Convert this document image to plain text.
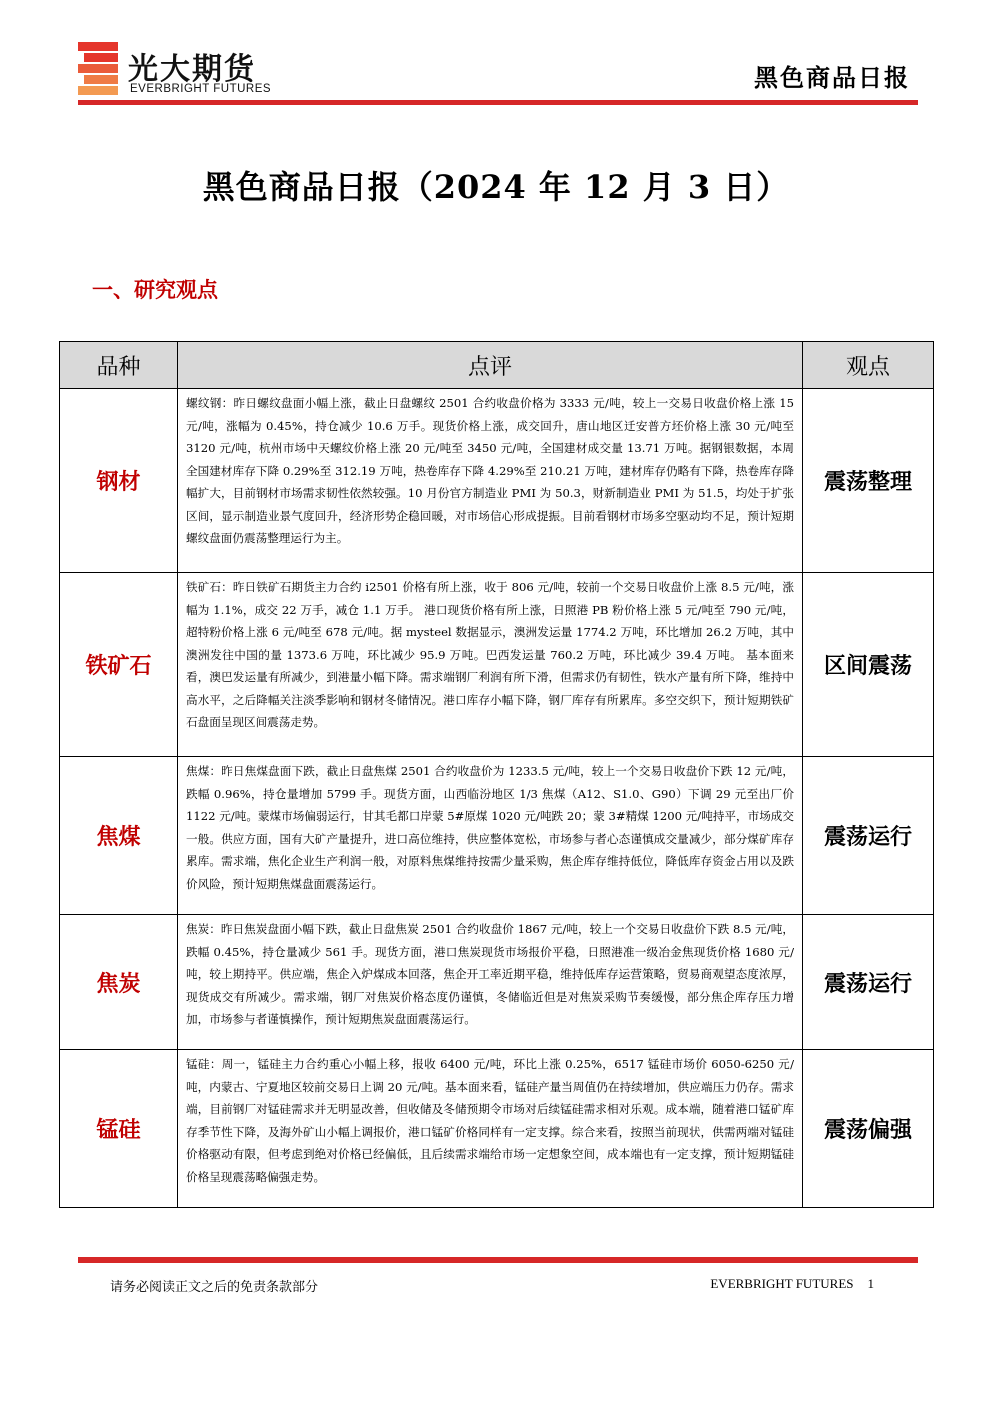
光大期货
EVERBRIGHT FUTURES	黑色商品日报
黑色商品日报（2024 年 12 月 3 日）
一、研究观点
品种	点评	观点
钢材	螺纹钢：昨日螺纹盘面小幅上涨，截止日盘螺纹 2501 合约收盘价格为 3333 元/吨，较上一交易日收盘价格上涨 15 元/吨，涨幅为 0.45%，持仓减少 10.6 万手。现货价格上涨，成交回升，唐山地区迁安普方坯价格上涨 30 元/吨至 3120 元/吨，杭州市场中天螺纹价格上涨 20 元/吨至 3450 元/吨，全国建材成交量 13.71 万吨。据钢银数据，本周全国建材库存下降 0.29%至 312.19 万吨，热卷库存下降 4.29%至 210.21 万吨，建材库存仍略有下降，热卷库存降幅扩大，目前钢材市场需求韧性依然较强。10 月份官方制造业 PMI 为 50.3，财新制造业 PMI 为 51.5，均处于扩张区间，显示制造业景气度回升，经济形势企稳回暖，对市场信心形成提振。目前看钢材市场多空驱动均不足，预计短期螺纹盘面仍震荡整理运行为主。	震荡整理
铁矿石	铁矿石：昨日铁矿石期货主力合约 i2501 价格有所上涨，收于 806 元/吨，较前一个交易日收盘价上涨 8.5 元/吨，涨幅为 1.1%，成交 22 万手，减仓 1.1 万手。 港口现货价格有所上涨，日照港 PB 粉价格上涨 5 元/吨至 790 元/吨，超特粉价格上涨 6 元/吨至 678 元/吨。据 mysteel 数据显示，澳洲发运量 1774.2 万吨，环比增加 26.2 万吨，其中澳洲发往中国的量 1373.6 万吨，环比减少 95.9 万吨。巴西发运量 760.2 万吨，环比减少 39.4 万吨。 基本面来看，澳巴发运量有所减少，到港量小幅下降。需求端钢厂利润有所下滑，但需求仍有韧性，铁水产量有所下降，维持中高水平，之后降幅关注淡季影响和钢材冬储情况。港口库存小幅下降，钢厂库存有所累库。多空交织下，预计短期铁矿石盘面呈现区间震荡走势。	区间震荡
焦煤	焦煤：昨日焦煤盘面下跌，截止日盘焦煤 2501 合约收盘价为 1233.5 元/吨，较上一个交易日收盘价下跌 12 元/吨，跌幅 0.96%，持仓量增加 5799 手。现货方面，山西临汾地区 1/3 焦煤（A12、S1.0、G90）下调 29 元至出厂价 1122 元/吨。蒙煤市场偏弱运行，甘其毛都口岸蒙 5#原煤 1020 元/吨跌 20；蒙 3#精煤 1200 元/吨持平，市场成交一般。供应方面，国有大矿产量提升，进口高位维持，供应整体宽松，市场参与者心态谨慎成交量减少，部分煤矿库存累库。需求端，焦化企业生产利润一般，对原料焦煤维持按需少量采购，焦企库存维持低位，降低库存资金占用以及跌价风险，预计短期焦煤盘面震荡运行。	震荡运行
焦炭	焦炭：昨日焦炭盘面小幅下跌，截止日盘焦炭 2501 合约收盘价 1867 元/吨，较上一个交易日收盘价下跌 8.5 元/吨，跌幅 0.45%，持仓量减少 561 手。现货方面，港口焦炭现货市场报价平稳，日照港准一级冶金焦现货价格 1680 元/吨，较上期持平。供应端，焦企入炉煤成本回落，焦企开工率近期平稳，维持低库存运营策略，贸易商观望态度浓厚，现货成交有所减少。需求端，钢厂对焦炭价格态度仍谨慎，冬储临近但是对焦炭采购节奏缓慢，部分焦企库存压力增加，市场参与者谨慎操作，预计短期焦炭盘面震荡运行。	震荡运行
锰硅	锰硅：周一，锰硅主力合约重心小幅上移，报收 6400 元/吨，环比上涨 0.25%，6517 锰硅市场价 6050-6250 元/吨，内蒙古、宁夏地区较前交易日上调 20 元/吨。基本面来看，锰硅产量当周值仍在持续增加，供应端压力仍存。需求端，目前钢厂对锰硅需求并无明显改善，但收储及冬储预期令市场对后续锰硅需求相对乐观。成本端，随着港口锰矿库存季节性下降，及海外矿山小幅上调报价，港口锰矿价格同样有一定支撑。综合来看，按照当前现状，供需两端对锰硅价格驱动有限，但考虑到绝对价格已经偏低，且后续需求端给市场一定想象空间，成本端也有一定支撑，预计短期锰硅价格呈现震荡略偏强走势。	震荡偏强
请务必阅读正文之后的免责条款部分	EVERBRIGHT FUTURES 1
